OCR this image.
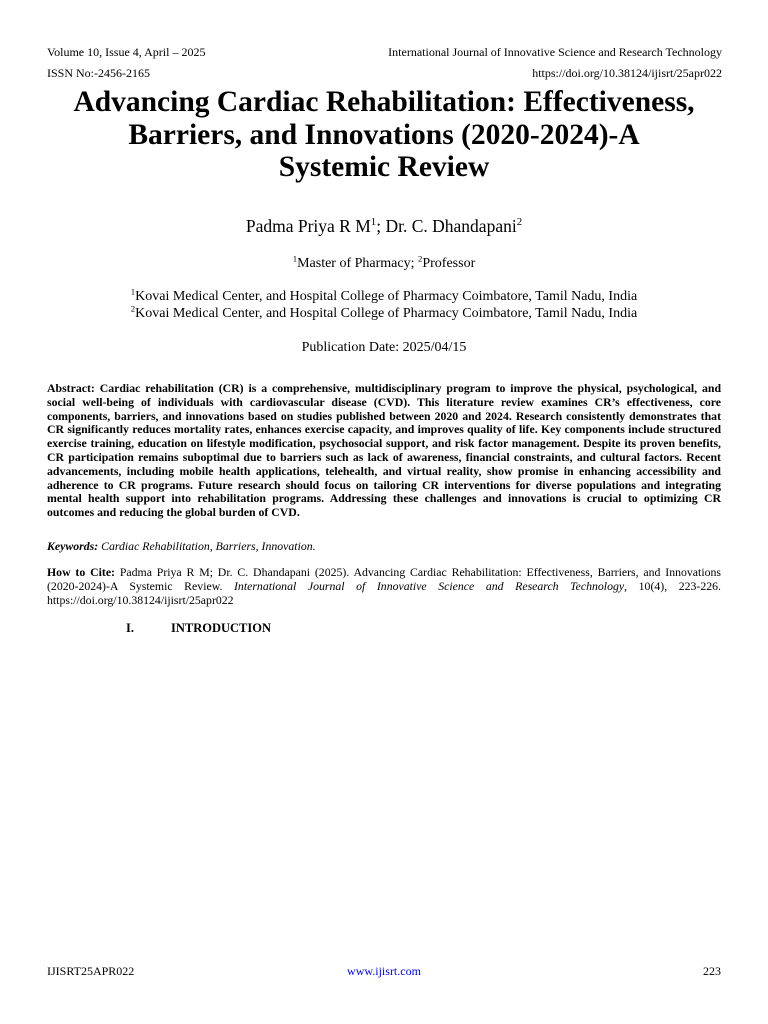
Volume 10, Issue 4, April – 2025	International Journal of Innovative Science and Research Technology
ISSN No:-2456-2165	https://doi.org/10.38124/ijisrt/25apr022
Advancing Cardiac Rehabilitation: Effectiveness,
Barriers, and Innovations (2020-2024)-A
Systemic Review
Padma Priya R $M^1$; Dr. C. Dhandapani$^2$
$^1$Master of Pharmacy; $^2$Professor
$^1$Kovai Medical Center, and Hospital College of Pharmacy Coimbatore, Tamil Nadu, India
$^2$Kovai Medical Center, and Hospital College of Pharmacy Coimbatore, Tamil Nadu, India
Publication Date: 2025/04/15
Abstract: Cardiac rehabilitation (CR) is a comprehensive, multidisciplinary program to improve the physical, psychological, and social well-being of individuals with cardiovascular disease (CVD). This literature review examines CR’s effectiveness, core components, barriers, and innovations based on studies published between 2020 and 2024. Research consistently demonstrates that CR significantly reduces mortality rates, enhances exercise capacity, and improves quality of life. Key components include structured exercise training, education on lifestyle modification, psychosocial support, and risk factor management. Despite its proven benefits, CR participation remains suboptimal due to barriers such as lack of awareness, financial constraints, and cultural factors. Recent advancements, including mobile health applications, telehealth, and virtual reality, show promise in enhancing accessibility and adherence to CR programs. Future research should focus on tailoring CR interventions for diverse populations and integrating mental health support into rehabilitation programs. Addressing these challenges and innovations is crucial to optimizing CR outcomes and reducing the global burden of CVD.
Keywords: Cardiac Rehabilitation, Barriers, Innovation.
How to Cite: Padma Priya R M; Dr. C. Dhandapani (2025). Advancing Cardiac Rehabilitation: Effectiveness, Barriers, and Innovations (2020-2024)-A Systemic Review. International Journal of Innovative Science and Research Technology, 10(4), 223-226. https://doi.org/10.38124/ijisrt/25apr022
I.	INTRODUCTION
IJISRT25APR022	www.ijisrt.com	223
